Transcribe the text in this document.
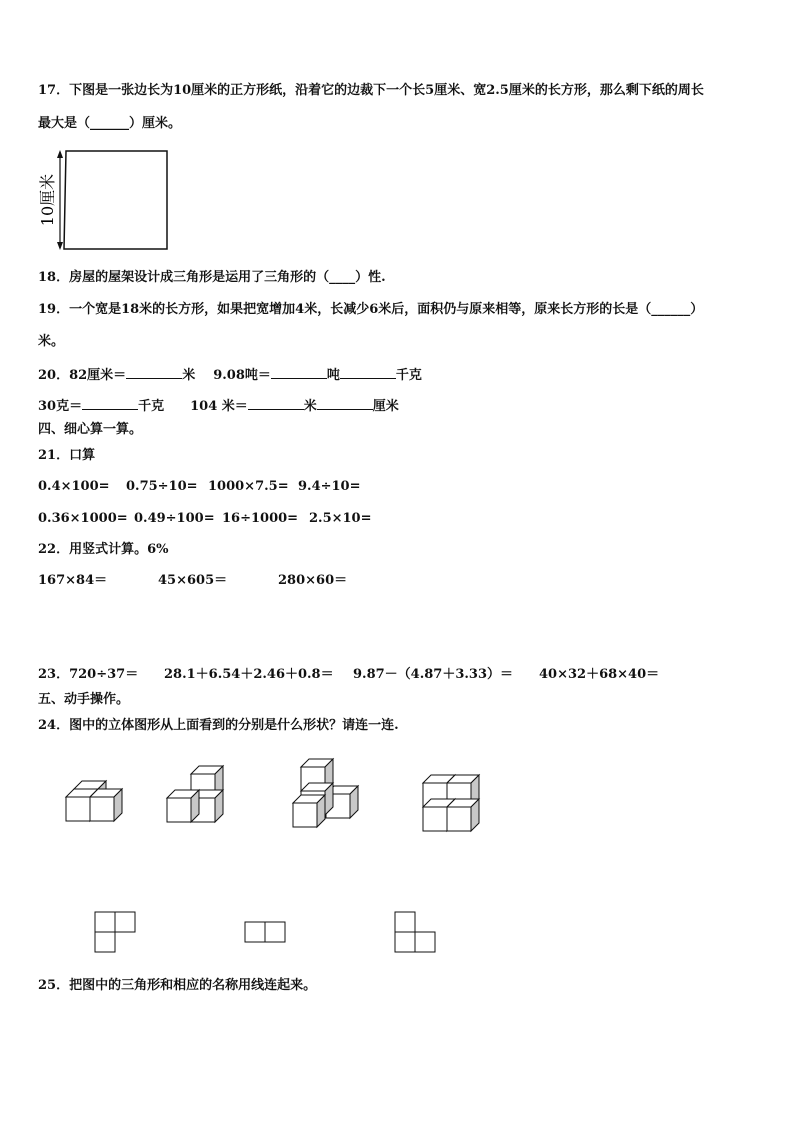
17．下图是一张边长为10厘米的正方形纸，沿着它的边裁下一个长5厘米、宽2.5厘米的长方形，那么剩下纸的周长
最大是（______）厘米。
10厘米
18．房屋的屋架设计成三角形是运用了三角形的（____）性.
19．一个宽是18米的长方形，如果把宽增加4米，长减少6米后，面积仍与原来相等，原来长方形的长是（______）
米。
20．82厘米＝	米 9.08吨＝	吨	千克
30克＝	千克 104 米＝	米	厘米
四、细心算一算。
21．口算
0.4×100= 0.75÷10= 1000×7.5= 9.4÷10=
0.36×1000= 0.49÷100= 16÷1000= 2.5×10=
22．用竖式计算。6%
167×84＝	45×605＝	280×60＝
23．720÷37＝ 28.1＋6.54＋2.46＋0.8＝ 9.87－（4.87＋3.33）＝ 40×32＋68×40＝
五、动手操作。
24．图中的立体图形从上面看到的分别是什么形状？请连一连.
25．把图中的三角形和相应的名称用线连起来。
